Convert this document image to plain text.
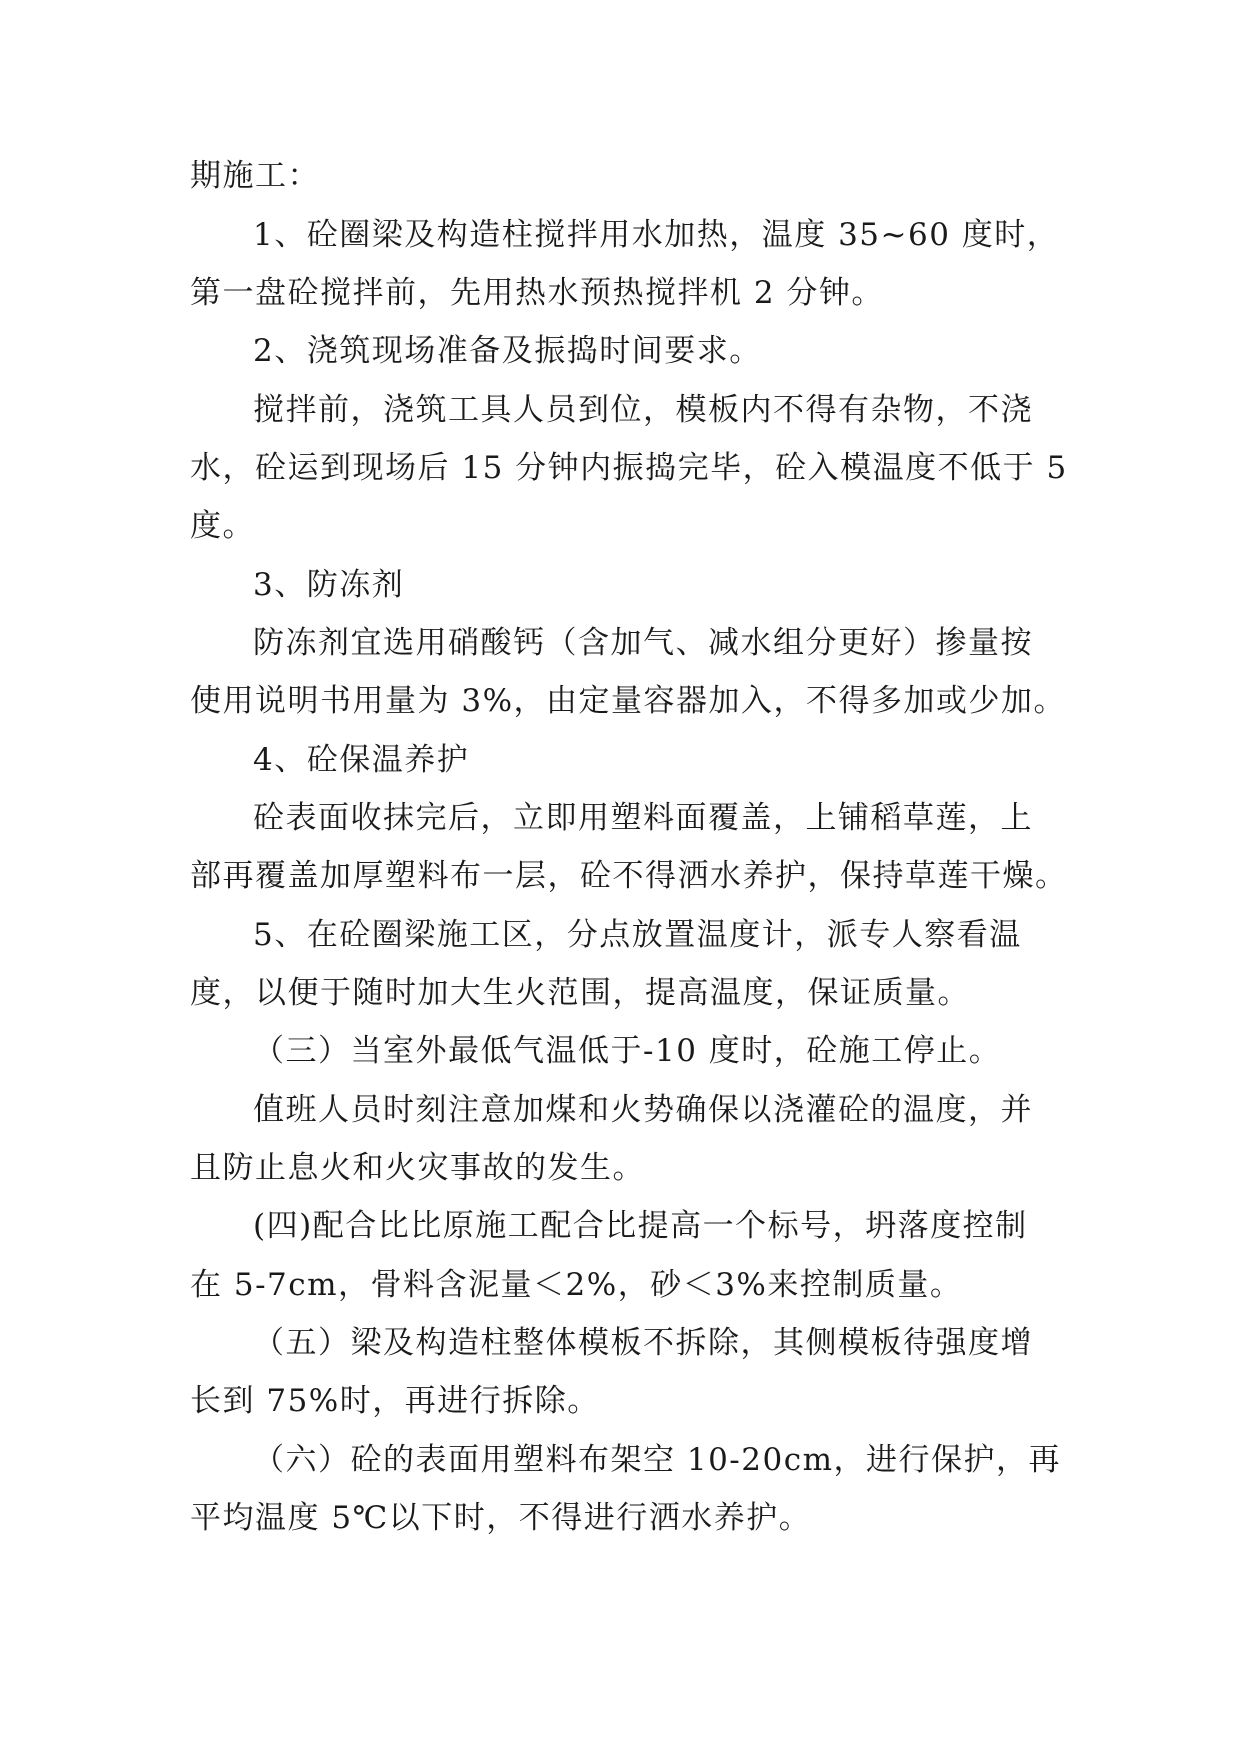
期施工：
1、砼圈梁及构造柱搅拌用水加热，温度 35~60 度时，
第一盘砼搅拌前，先用热水预热搅拌机 2 分钟。
2、浇筑现场准备及振捣时间要求。
搅拌前，浇筑工具人员到位，模板内不得有杂物，不浇
水，砼运到现场后 15 分钟内振捣完毕，砼入模温度不低于 5
度。
3、防冻剂
防冻剂宜选用硝酸钙（含加气、减水组分更好）掺量按
使用说明书用量为 3%，由定量容器加入，不得多加或少加。
4、砼保温养护
砼表面收抹完后，立即用塑料面覆盖，上铺稻草莲，上
部再覆盖加厚塑料布一层，砼不得洒水养护，保持草莲干燥。
5、在砼圈梁施工区，分点放置温度计，派专人察看温
度，以便于随时加大生火范围，提高温度，保证质量。
（三）当室外最低气温低于-10 度时，砼施工停止。
值班人员时刻注意加煤和火势确保以浇灌砼的温度，并
且防止息火和火灾事故的发生。
(四)配合比比原施工配合比提高一个标号，坍落度控制
在 5-7cm，骨料含泥量＜2%，砂＜3%来控制质量。
（五）梁及构造柱整体模板不拆除，其侧模板待强度增
长到 75%时，再进行拆除。
（六）砼的表面用塑料布架空 10-20cm，进行保护，再
平均温度 5℃以下时，不得进行洒水养护。
